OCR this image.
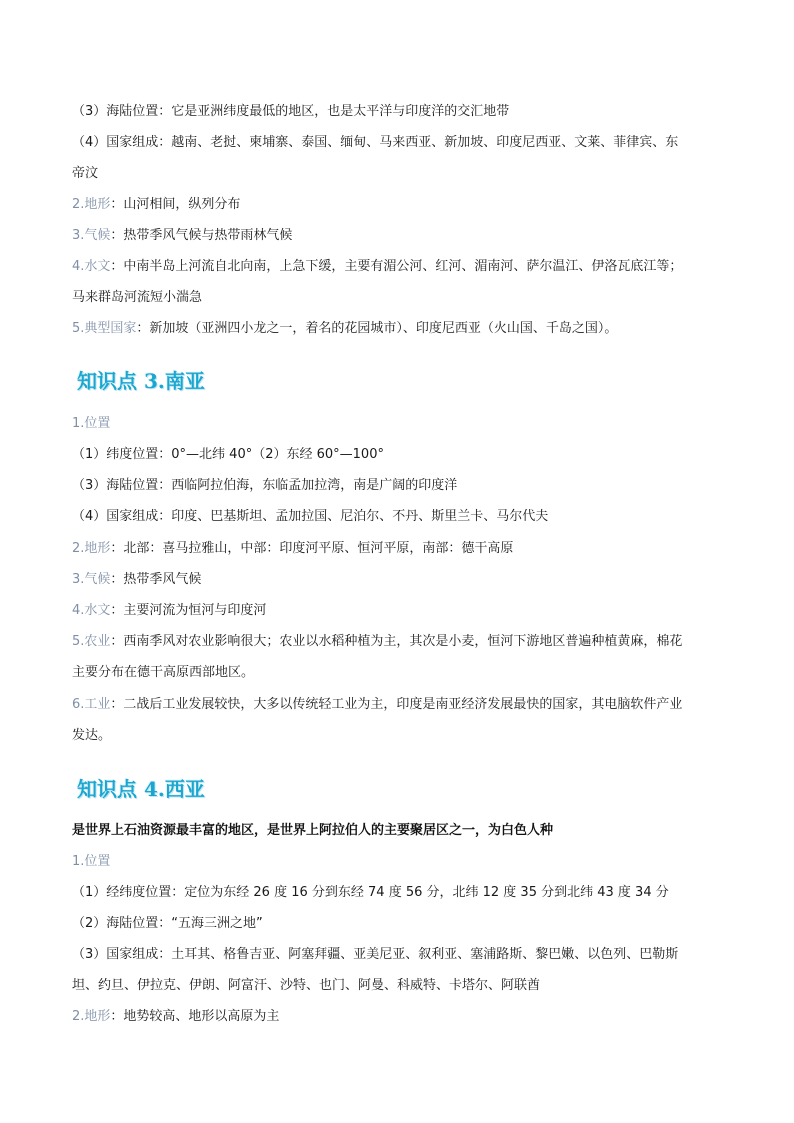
（3）海陆位置：它是亚洲纬度最低的地区，也是太平洋与印度洋的交汇地带
（4）国家组成：越南、老挝、柬埔寨、泰国、缅甸、马来西亚、新加坡、印度尼西亚、文莱、菲律宾、东
帝汶
2.地形：山河相间，纵列分布
3.气候：热带季风气候与热带雨林气候
4.水文：中南半岛上河流自北向南，上急下缓，主要有湄公河、红河、湄南河、萨尔温江、伊洛瓦底江等；
马来群岛河流短小湍急
5.典型国家：新加坡（亚洲四小龙之一，着名的花园城市）、印度尼西亚（火山国、千岛之国）。
知识点 3.南亚
1.位置
（1）纬度位置：0°—北纬 40°（2）东经 60°—100°
（3）海陆位置：西临阿拉伯海，东临孟加拉湾，南是广阔的印度洋
（4）国家组成：印度、巴基斯坦、孟加拉国、尼泊尔、不丹、斯里兰卡、马尔代夫
2.地形：北部：喜马拉雅山，中部：印度河平原、恒河平原，南部：德干高原
3.气候：热带季风气候
4.水文：主要河流为恒河与印度河
5.农业：西南季风对农业影响很大；农业以水稻种植为主，其次是小麦，恒河下游地区普遍种植黄麻，棉花
主要分布在德干高原西部地区。
6.工业：二战后工业发展较快，大多以传统轻工业为主，印度是南亚经济发展最快的国家，其电脑软件产业
发达。
知识点 4.西亚
是世界上石油资源最丰富的地区，是世界上阿拉伯人的主要聚居区之一，为白色人种
1.位置
（1）经纬度位置：定位为东经 26 度 16 分到东经 74 度 56 分，北纬 12 度 35 分到北纬 43 度 34 分
（2）海陆位置：“五海三洲之地”
（3）国家组成：土耳其、格鲁吉亚、阿塞拜疆、亚美尼亚、叙利亚、塞浦路斯、黎巴嫩、以色列、巴勒斯
坦、约旦、伊拉克、伊朗、阿富汗、沙特、也门、阿曼、科威特、卡塔尔、阿联酋
2.地形：地势较高、地形以高原为主
